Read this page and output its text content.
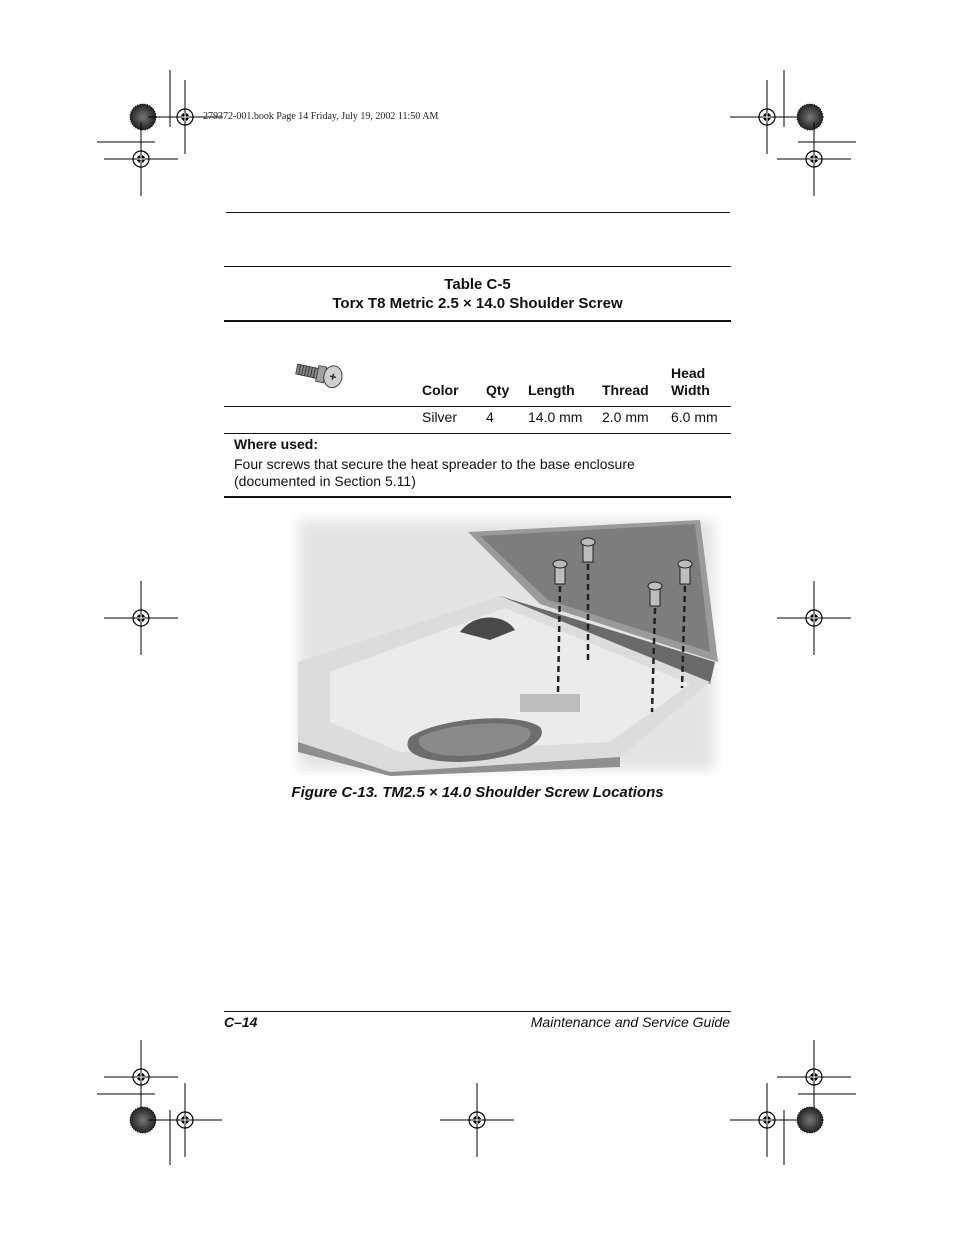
279372-001.book Page 14 Friday, July 19, 2002 11:50 AM
Table C-5
Torx T8 Metric 2.5 × 14.0 Shoulder Screw
Color Qty Length Thread
Head
Width
Silver 4 14.0 mm 2.0 mm 6.0 mm
Where used:
Four screws that secure the heat spreader to the base enclosure
(documented in Section 5.11)
Figure C-13. TM2.5 × 14.0 Shoulder Screw Locations
C–14	Maintenance and Service Guide
